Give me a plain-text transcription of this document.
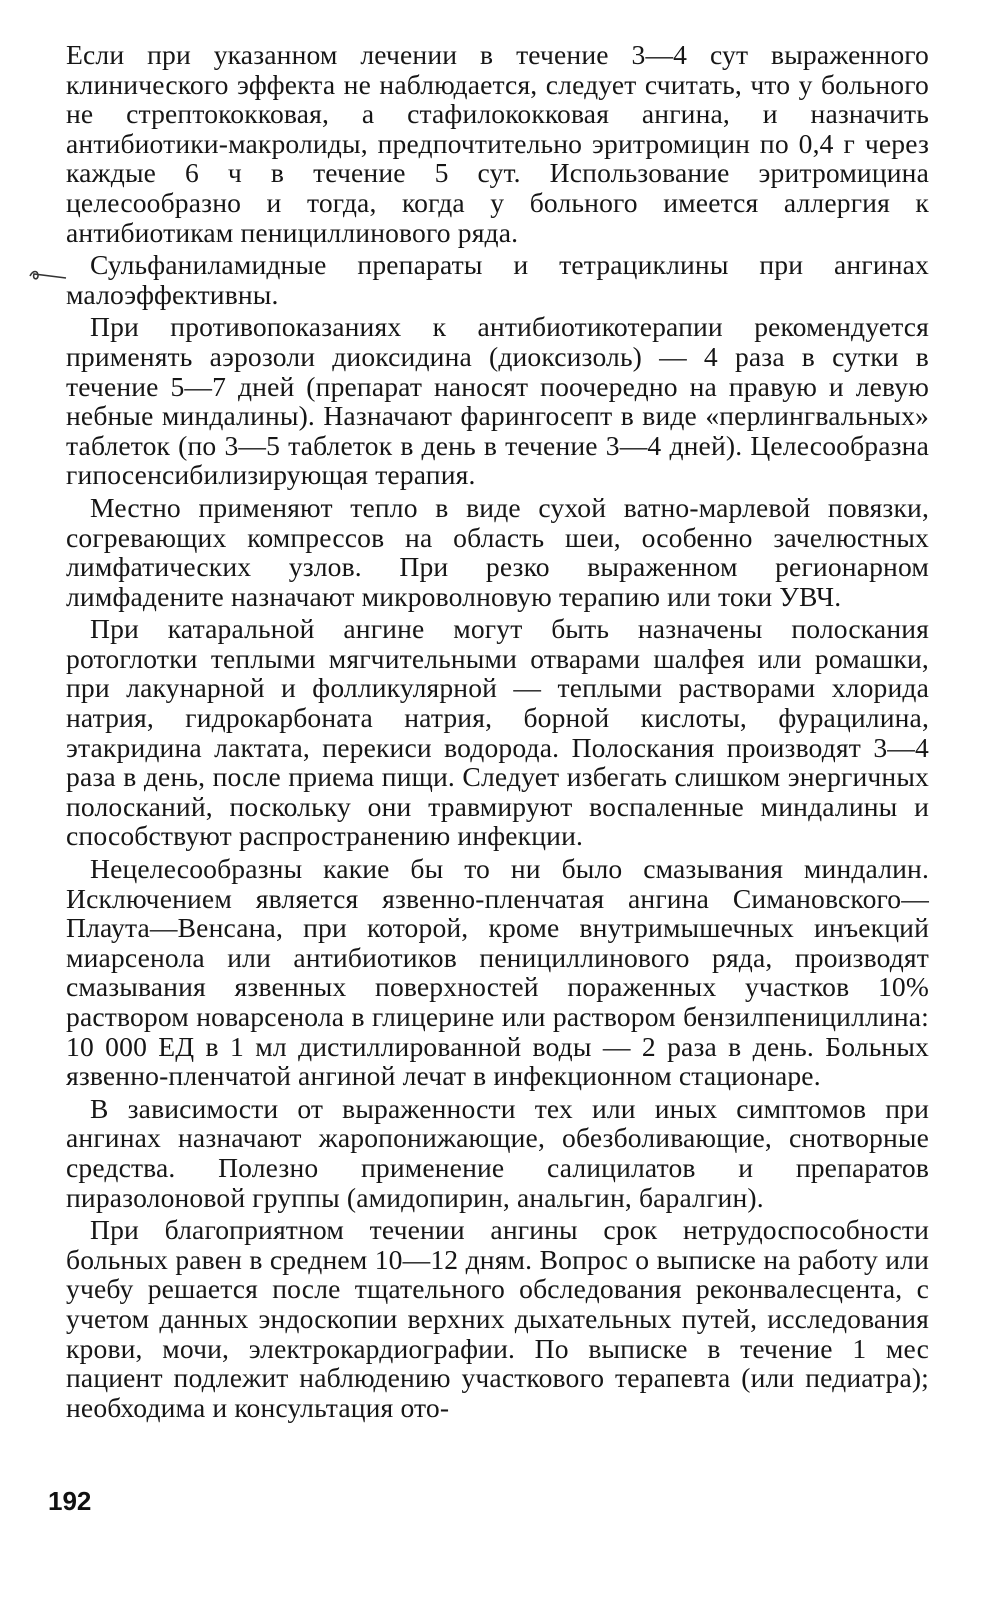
Если при указанном лечении в течение 3—4 сут выраженного клинического эффекта не наблюдается, следует считать, что у больного не стрептококковая, а стафилококковая ангина, и назначить антибиотики-макролиды, предпочтительно эритромицин по 0,4 г через каждые 6 ч в течение 5 сут. Использование эритромицина целесообразно и тогда, когда у больного имеется аллергия к антибиотикам пенициллинового ряда.

Сульфаниламидные препараты и тетрациклины при ангинах малоэффективны.

При противопоказаниях к антибиотикотерапии рекомендуется применять аэрозоли диоксидина (диоксизоль) — 4 раза в сутки в течение 5—7 дней (препарат наносят поочередно на правую и левую небные миндалины). Назначают фарингосепт в виде «перлингвальных» таблеток (по 3—5 таблеток в день в течение 3—4 дней). Целесообразна гипосенсибилизирующая терапия.

Местно применяют тепло в виде сухой ватно-марлевой повязки, согревающих компрессов на область шеи, особенно зачелюстных лимфатических узлов. При резко выраженном регионарном лимфадените назначают микроволновую терапию или токи УВЧ.

При катаральной ангине могут быть назначены полоскания ротоглотки теплыми мягчительными отварами шалфея или ромашки, при лакунарной и фолликулярной — теплыми растворами хлорида натрия, гидрокарбоната натрия, борной кислоты, фурацилина, этакридина лактата, перекиси водорода. Полоскания производят 3—4 раза в день, после приема пищи. Следует избегать слишком энергичных полосканий, поскольку они травмируют воспаленные миндалины и способствуют распространению инфекции.

Нецелесообразны какие бы то ни было смазывания миндалин. Исключением является язвенно-пленчатая ангина Симановского—Плаута—Венсана, при которой, кроме внутримышечных инъекций миарсенола или антибиотиков пенициллинового ряда, производят смазывания язвенных поверхностей пораженных участков 10% раствором новарсенола в глицерине или раствором бензилпенициллина: 10 000 ЕД в 1 мл дистиллированной воды — 2 раза в день. Больных язвенно-пленчатой ангиной лечат в инфекционном стационаре.

В зависимости от выраженности тех или иных симптомов при ангинах назначают жаропонижающие, обезболивающие, снотворные средства. Полезно применение салицилатов и препаратов пиразолоновой группы (амидопирин, анальгин, баралгин).

При благоприятном течении ангины срок нетрудоспособности больных равен в среднем 10—12 дням. Вопрос о выписке на работу или учебу решается после тщательного обследования реконвалесцента, с учетом данных эндоскопии верхних дыхательных путей, исследования крови, мочи, электрокардиографии. По выписке в течение 1 мес пациент подлежит наблюдению участкового терапевта (или педиатра); необходима и консультация ото-

192
